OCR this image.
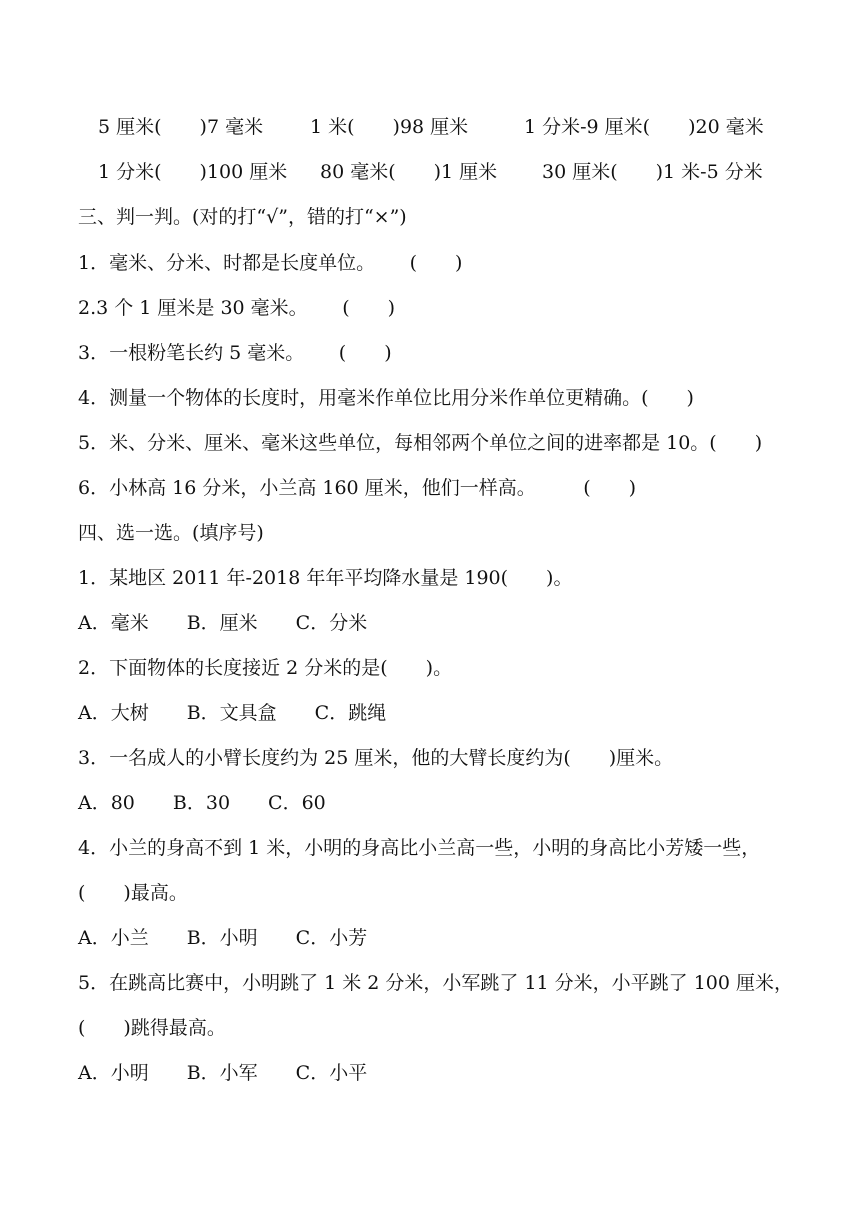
5 厘米(　　)7 毫米 1 米(　　)98 厘米	1 分米-9 厘米(　　)20 毫米
1 分米(　　)100 厘米 80 毫米(　　)1 厘米 30 厘米(　　)1 米-5 分米
三、判一判。(对的打“√”，错的打“×”)
1．毫米、分米、时都是长度单位。　　 (　　)
2.3 个 1 厘米是 30 毫米。　　 (　　)
3．一根粉笔长约 5 毫米。　　 (　　)
4．测量一个物体的长度时，用毫米作单位比用分米作单位更精确。(　　)
5．米、分米、厘米、毫米这些单位，每相邻两个单位之间的进率都是 10。(　　)
6．小林高 16 分米，小兰高 160 厘米，他们一样高。　　　(　　)
四、选一选。(填序号)
1．某地区 2011 年-2018 年年平均降水量是 190(　　)。
A．毫米　　B．厘米　　C．分米
2．下面物体的长度接近 2 分米的是(　　)。
A．大树　　B．文具盒　　C．跳绳
3．一名成人的小臂长度约为 25 厘米，他的大臂长度约为(　　)厘米。
A．80　　B．30　　C．60
4．小兰的身高不到 1 米，小明的身高比小兰高一些，小明的身高比小芳矮一些，
(　　)最高。
A．小兰　　B．小明　　C．小芳
5．在跳高比赛中，小明跳了 1 米 2 分米，小军跳了 11 分米，小平跳了 100 厘米，
(　　)跳得最高。
A．小明　　B．小军　　C．小平
